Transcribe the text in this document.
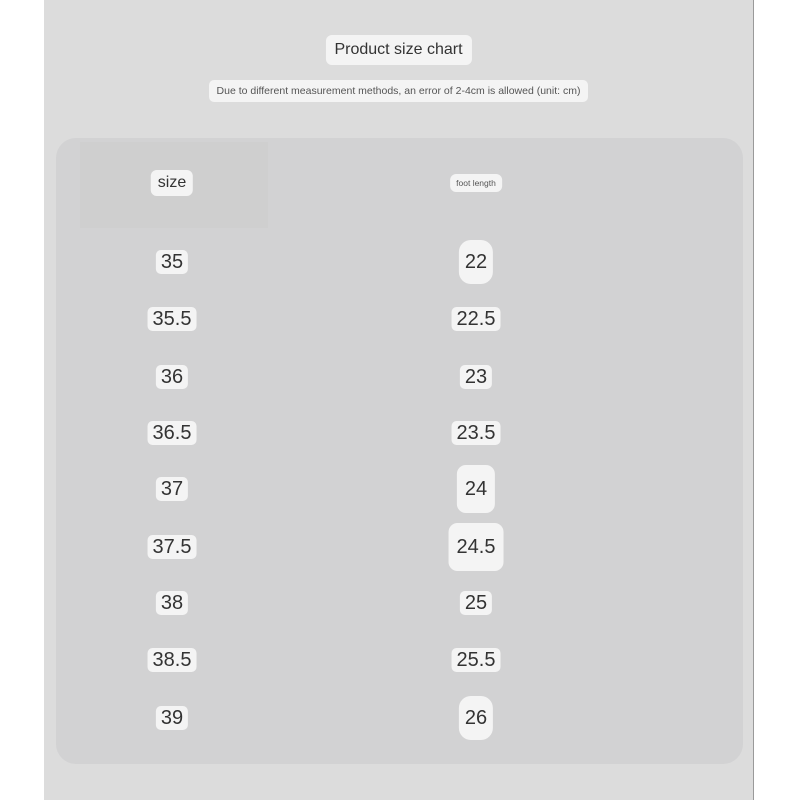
Product size chart
Due to different measurement methods, an error of 2-4cm is allowed (unit: cm)
size	foot length
35	22
35.5	22.5
36	23
36.5	23.5
37	24
37.5	24.5
38	25
38.5	25.5
39	26
